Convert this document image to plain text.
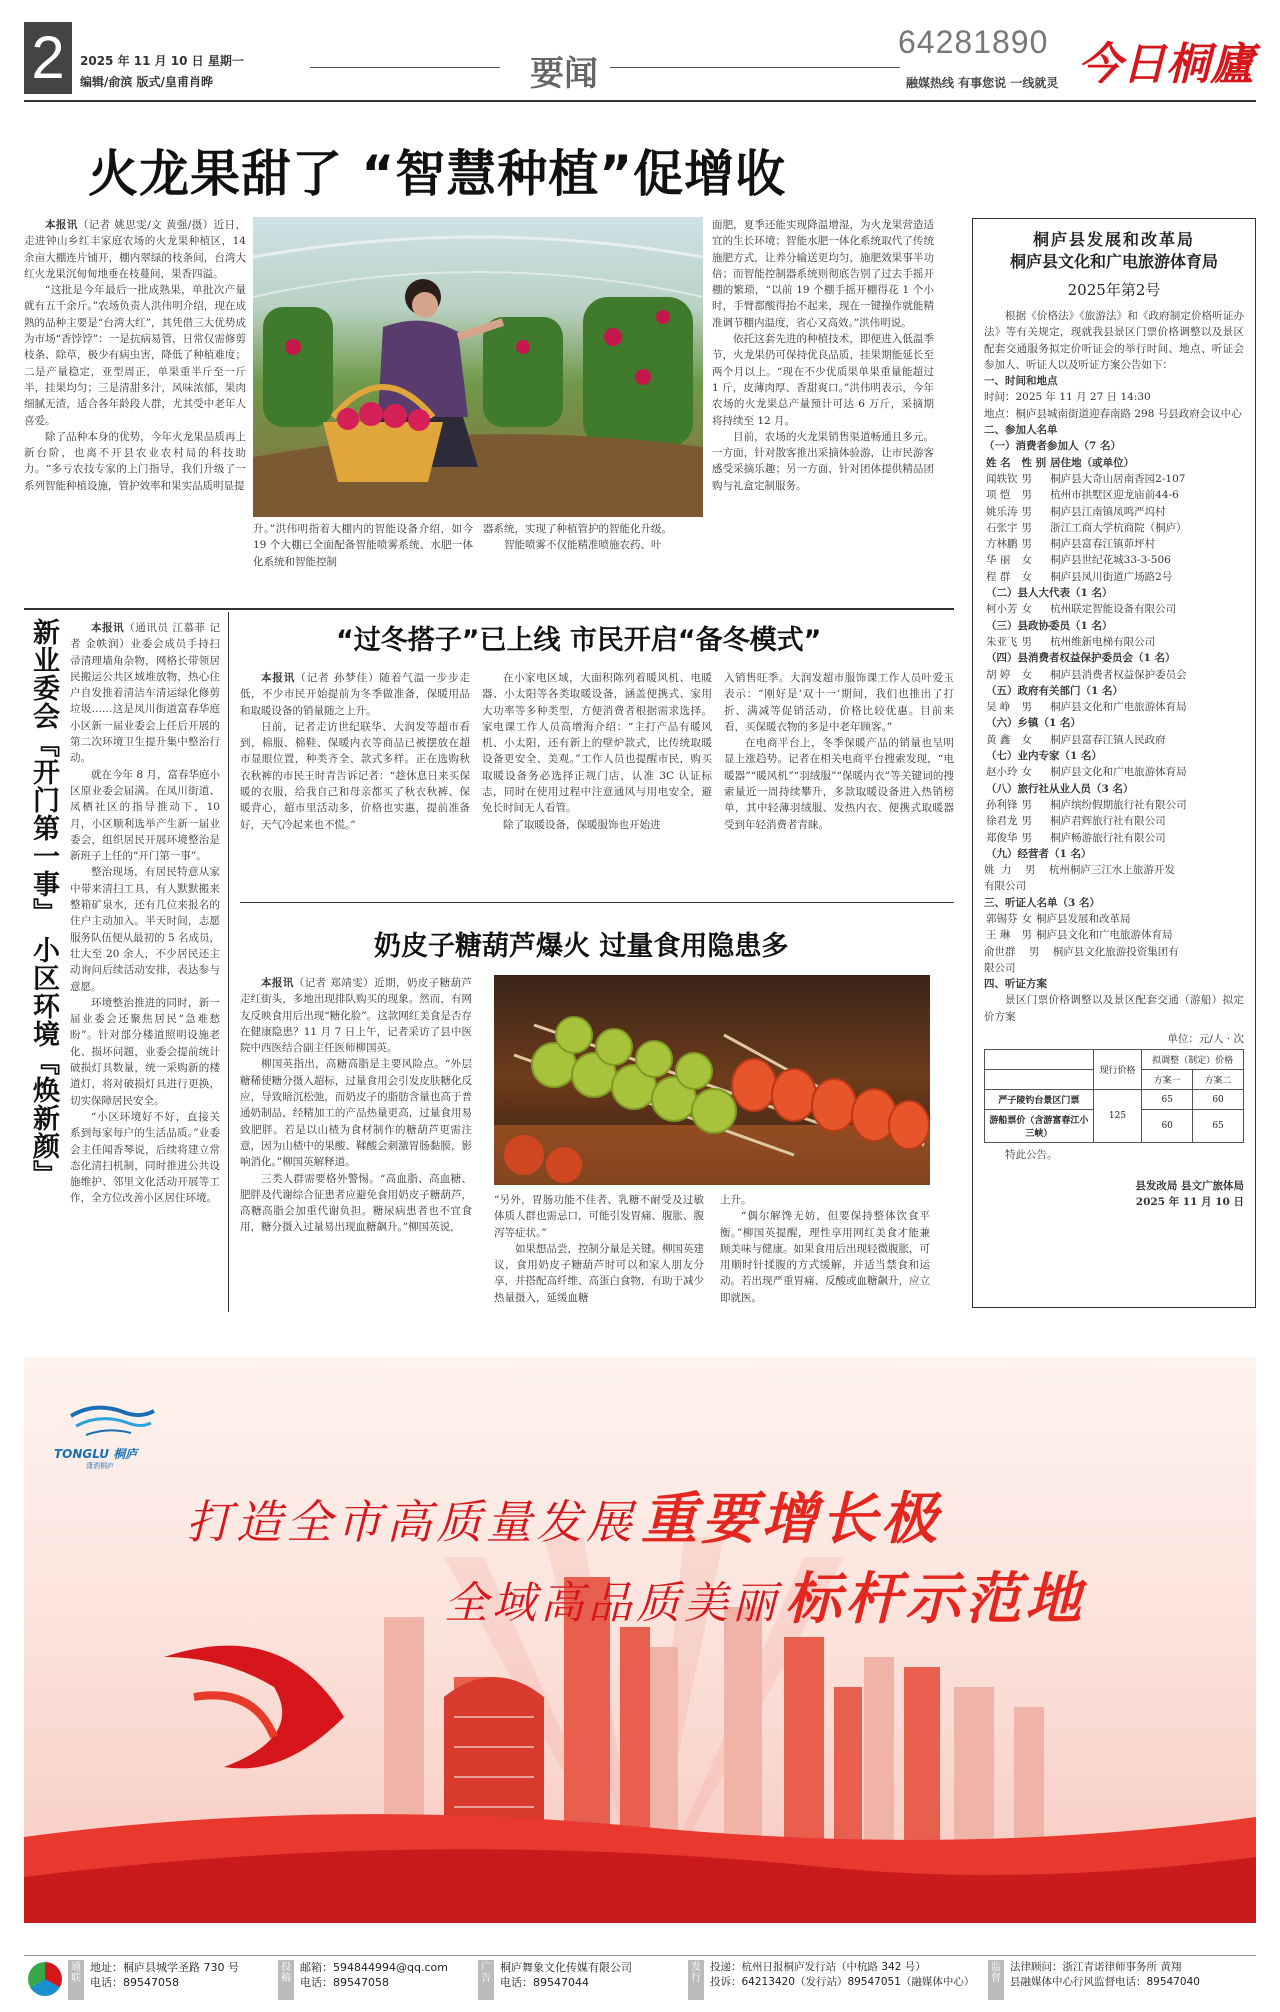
2	2025 年 11 月 10 日 星期一
编辑/俞滨 版式/皇甫肖晔	要闻
64281890
融媒热线 有事您说 一线就灵 今日桐廬
火龙果甜了 “智慧种植”促增收

本报讯（记者 姚思雯/文 黄强/摄）近日，走进钟山乡红丰家庭农场的火龙果种植区，14余亩大棚连片铺开，棚内翠绿的枝条间，台湾大红火龙果沉甸甸地垂在枝蔓间，果香四溢。

“这批是今年最后一批成熟果，单批次产量就有五千余斤。”农场负责人洪伟明介绍，现在成熟的品种主要是“台湾大红”，其凭借三大优势成为市场“香饽饽”：一是抗病易管，日常仅需修剪枝条、除草，极少有病虫害，降低了种植难度；二是产量稳定，亚型周正，单果重半斤至一斤半，挂果均匀；三是清甜多汁，风味浓郁，果肉细腻无渣，适合各年龄段人群，尤其受中老年人喜爱。

除了品种本身的优势，今年火龙果品质再上新台阶，也离不开县农业农村局的科技助力。“多亏农技专家的上门指导，我们升级了一系列智能种植设施，管护效率和果实品质明显提

升。”洪伟明指着大棚内的智能设备介绍，如今 19 个大棚已全面配备智能喷雾系统、水肥一体化系统和智能控制

器系统，实现了种植管护的智能化升级。

智能喷雾不仅能精准喷施农药、叶

面肥，夏季还能实现降温增湿，为火龙果营造适宜的生长环境；智能水肥一体化系统取代了传统施肥方式，让养分输送更均匀，施肥效果事半功倍；而智能控制器系统则彻底告别了过去手摇开棚的繁琐，“以前 19 个棚手摇开棚得花 1 个小时，手臂都酸得抬不起来，现在一键操作就能精准调节棚内温度，省心又高效。”洪伟明说。

依托这套先进的种植技术，即便进入低温季节，火龙果仍可保持优良品质，挂果期能延长至两个月以上。“现在不少优质果单果重量能超过 1 斤，皮薄肉厚、香甜爽口。”洪伟明表示，今年农场的火龙果总产量预计可达 6 万斤，采摘期将持续至 12 月。

目前，农场的火龙果销售渠道畅通且多元。一方面，针对散客推出采摘体验游，让市民游客感受采摘乐趣；另一方面，针对团体提供精品团购与礼盒定制服务。

桐庐县发展和改革局
桐庐县文化和广电旅游体育局
2025年第2号

根据《价格法》《旅游法》和《政府制定价格听证办法》等有关规定，现就我县景区门票价格调整以及景区配套交通服务拟定价听证会的举行时间、地点、听证会参加人、听证人以及听证方案公告如下：

一、时间和地点
时间：2025 年 11 月 27 日 14:30
地点：桐庐县城南街道迎春南路 298 号县政府会议中心
二、参加人名单
（一）消费者参加人（7 名）
姓 名	性 别	居住地（或单位）
闻轶钦	男	桐庐县大奇山居南香园2-107
项 恺	男	杭州市拱墅区迎龙庙前44-6
姚乐涛	男	桐庐县江南镇凤鸣严坞村
石张宇	男	浙江工商大学杭商院（桐庐）
方林鹏	男	桐庐县富春江镇茆坪村
华 丽	女	桐庐县世纪花城33-3-506
程 群	女	桐庐县凤川街道广场路2号
（二）县人大代表（1 名）		
柯小芳	女	杭州联定智能设备有限公司
（三）县政协委员（1 名）		
朱亚飞	男	杭州维新电梯有限公司
（四）县消费者权益保护委员会（1 名）		
胡 婷	女	桐庐县消费者权益保护委员会
（五）政府有关部门（1 名）		
吴 峥	男	桐庐县文化和广电旅游体育局
（六）乡镇（1 名）		
黄 鑫	女	桐庐县富春江镇人民政府
（七）业内专家（1 名）		
赵小玲	女	桐庐县文化和广电旅游体育局
（八）旅行社从业人员（3 名）		
孙利锋	男	桐庐缤纷假期旅行社有限公司
徐君龙	男	桐庐君辉旅行社有限公司
郑俊华	男	桐庐畅游旅行社有限公司
（九）经营者（1 名）		
姚  力    男    杭州桐庐三江水上旅游开发
有限公司
三、听证人名单（3 名）
郭锡芬	女	桐庐县发展和改革局
王 琳	男	桐庐县文化和广电旅游体育局
俞世群    男    桐庐县文化旅游投资集团有
限公司
四、听证方案

景区门票价格调整以及景区配套交通（游船）拟定价方案

单位：元/人 · 次
	现行价格	拟调整（制定）价格	
		方案一	方案二
严子陵钓台景区门票	125	65	60
游船票价（含游富春江小三峡）		60	65

特此公告。

县发改局 县文广旅体局
2025 年 11 月 10 日
新业委会『开门第一事』 小区环境『焕新颜』	本报讯（通讯员 江慕菲 记者 金帙润）业委会成员手持扫帚清理墙角杂物，网格长带领居民搬运公共区域堆放物，热心住户自发推着清洁车清运绿化修剪垃圾……这是凤川街道富春华庭小区新一届业委会上任后开展的第二次环境卫生提升集中整治行动。

就在今年 8 月，富春华庭小区原业委会届满。在凤川街道、凤栖社区的指导推动下，10 月，小区顺利选举产生新一届业委会，组织居民开展环境整治是新班子上任的“开门第一事”。

整治现场，有居民特意从家中带来清扫工具，有人默默搬来整箱矿泉水，还有几位来报名的住户主动加入。半天时间，志愿服务队伍便从最初的 5 名成员，壮大至 20 余人，不少居民还主动询问后续活动安排，表达参与意愿。

环境整治推进的同时，新一届业委会还聚焦居民“急难愁盼”。针对部分楼道照明设施老化、损坏问题，业委会提前统计破损灯具数量，统一采购新的楼道灯，将对破损灯具进行更换，切实保障居民安全。

“小区环境好不好，直接关系到每家每户的生活品质。”业委会主任闻香琴说，后续将建立常态化清扫机制，同时推进公共设施维护、邻里文化活动开展等工作，全方位改善小区居住环境。

“过冬搭子”已上线 市民开启“备冬模式”

本报讯（记者 孙梦佳）随着气温一步步走低，不少市民开始提前为冬季做准备，保暖用品和取暖设备的销量随之上升。

日前，记者走访世纪联华、大润发等超市看到，棉服、棉鞋、保暖内衣等商品已被摆放在超市显眼位置，种类齐全、款式多样。正在选购秋衣秋裤的市民王时青告诉记者：“趁休息日来买保暖的衣服，给我自己和母亲都买了秋衣秋裤、保暖背心，超市里活动多，价格也实惠，提前准备好，天气冷起来也不慌。”

在小家电区域，大面积陈列着暖风机、电暖器、小太阳等各类取暖设备，涵盖便携式、家用大功率等多种类型，方便消费者根据需求选择。家电课工作人员高增海介绍：“主打产品有暖风机、小太阳，还有新上的壁炉款式，比传统取暖设备更安全、美观。”工作人员也提醒市民，购买取暖设备务必选择正规门店，认准 3C 认证标志，同时在使用过程中注意通风与用电安全，避免长时间无人看管。

除了取暖设备，保暖服饰也开始进

入销售旺季。大润发超市服饰课工作人员叶爱玉表示：“刚好是‘双十一’期间，我们也推出了打折、满减等促销活动，价格比较优惠。目前来看，买保暖衣物的多是中老年顾客。”

在电商平台上，冬季保暖产品的销量也呈明显上涨趋势。记者在相关电商平台搜索发现，“电暖器”“暖风机”“羽绒服”“保暖内衣”等关键词的搜索量近一周持续攀升，多款取暖设备进入热销榜单，其中轻薄羽绒服、发热内衣、便携式取暖器受到年轻消费者青睐。

奶皮子糖葫芦爆火 过量食用隐患多

本报讯（记者 郑靖雯）近期，奶皮子糖葫芦走红街头，多地出现排队购买的现象。然而，有网友反映食用后出现“糖化脸”。这款网红美食是否存在健康隐患？11 月 7 日上午，记者采访了县中医院中西医结合副主任医师柳国英。

柳国英指出，高糖高脂是主要风险点。“外层糖稀使糖分摄入超标，过量食用会引发皮肤糖化反应，导致暗沉松弛，而奶皮子的脂肪含量也高于普通奶制品，经精加工的产品热量更高，过量食用易致肥胖。若是以山楂为食材制作的糖葫芦更需注意，因为山楂中的果酸、鞣酸会刺激胃肠黏膜，影响消化。”柳国英解释道。

三类人群需要格外警惕。“高血脂、高血糖、肥胖及代谢综合征患者应避免食用奶皮子糖葫芦，高糖高脂会加重代谢负担。糖尿病患者也不宜食用，糖分摄入过量易出现血糖飙升。”柳国英说，

“另外，胃肠功能不佳者、乳糖不耐受及过敏体质人群也需忌口，可能引发胃痛、腹胀、腹泻等症状。”

如果想品尝，控制分量是关键。柳国英建议，食用奶皮子糖葫芦时可以和家人朋友分享，并搭配高纤维、高蛋白食物，有助于减少热量摄入，延缓血糖

上升。

“偶尔解馋无妨，但要保持整体饮食平衡。”柳国英提醒，理性享用网红美食才能兼顾美味与健康。如果食用后出现轻微腹胀，可用顺时针揉腹的方式缓解，并适当禁食和运动。若出现严重胃痛、反酸或血糖飙升，应立即就医。

TONGLU 桐庐
潇洒桐庐
打造全市高质量发展 重要增长极
全域高品质美丽 标杆示范地
通联
地址：桐庐县城学圣路 730 号
电话：89547058
投稿
邮箱：594844994@qq.com
电话：89547058
广告
桐庐舞象文化传媒有限公司
电话：89547044
发行
投递：杭州日报桐庐发行站（中杭路 342 号）
投诉：64213420（发行站）89547051（融媒体中心）
监督
法律顾问：浙江青诺律师事务所 黄翔
县融媒体中心行风监督电话：89547040
